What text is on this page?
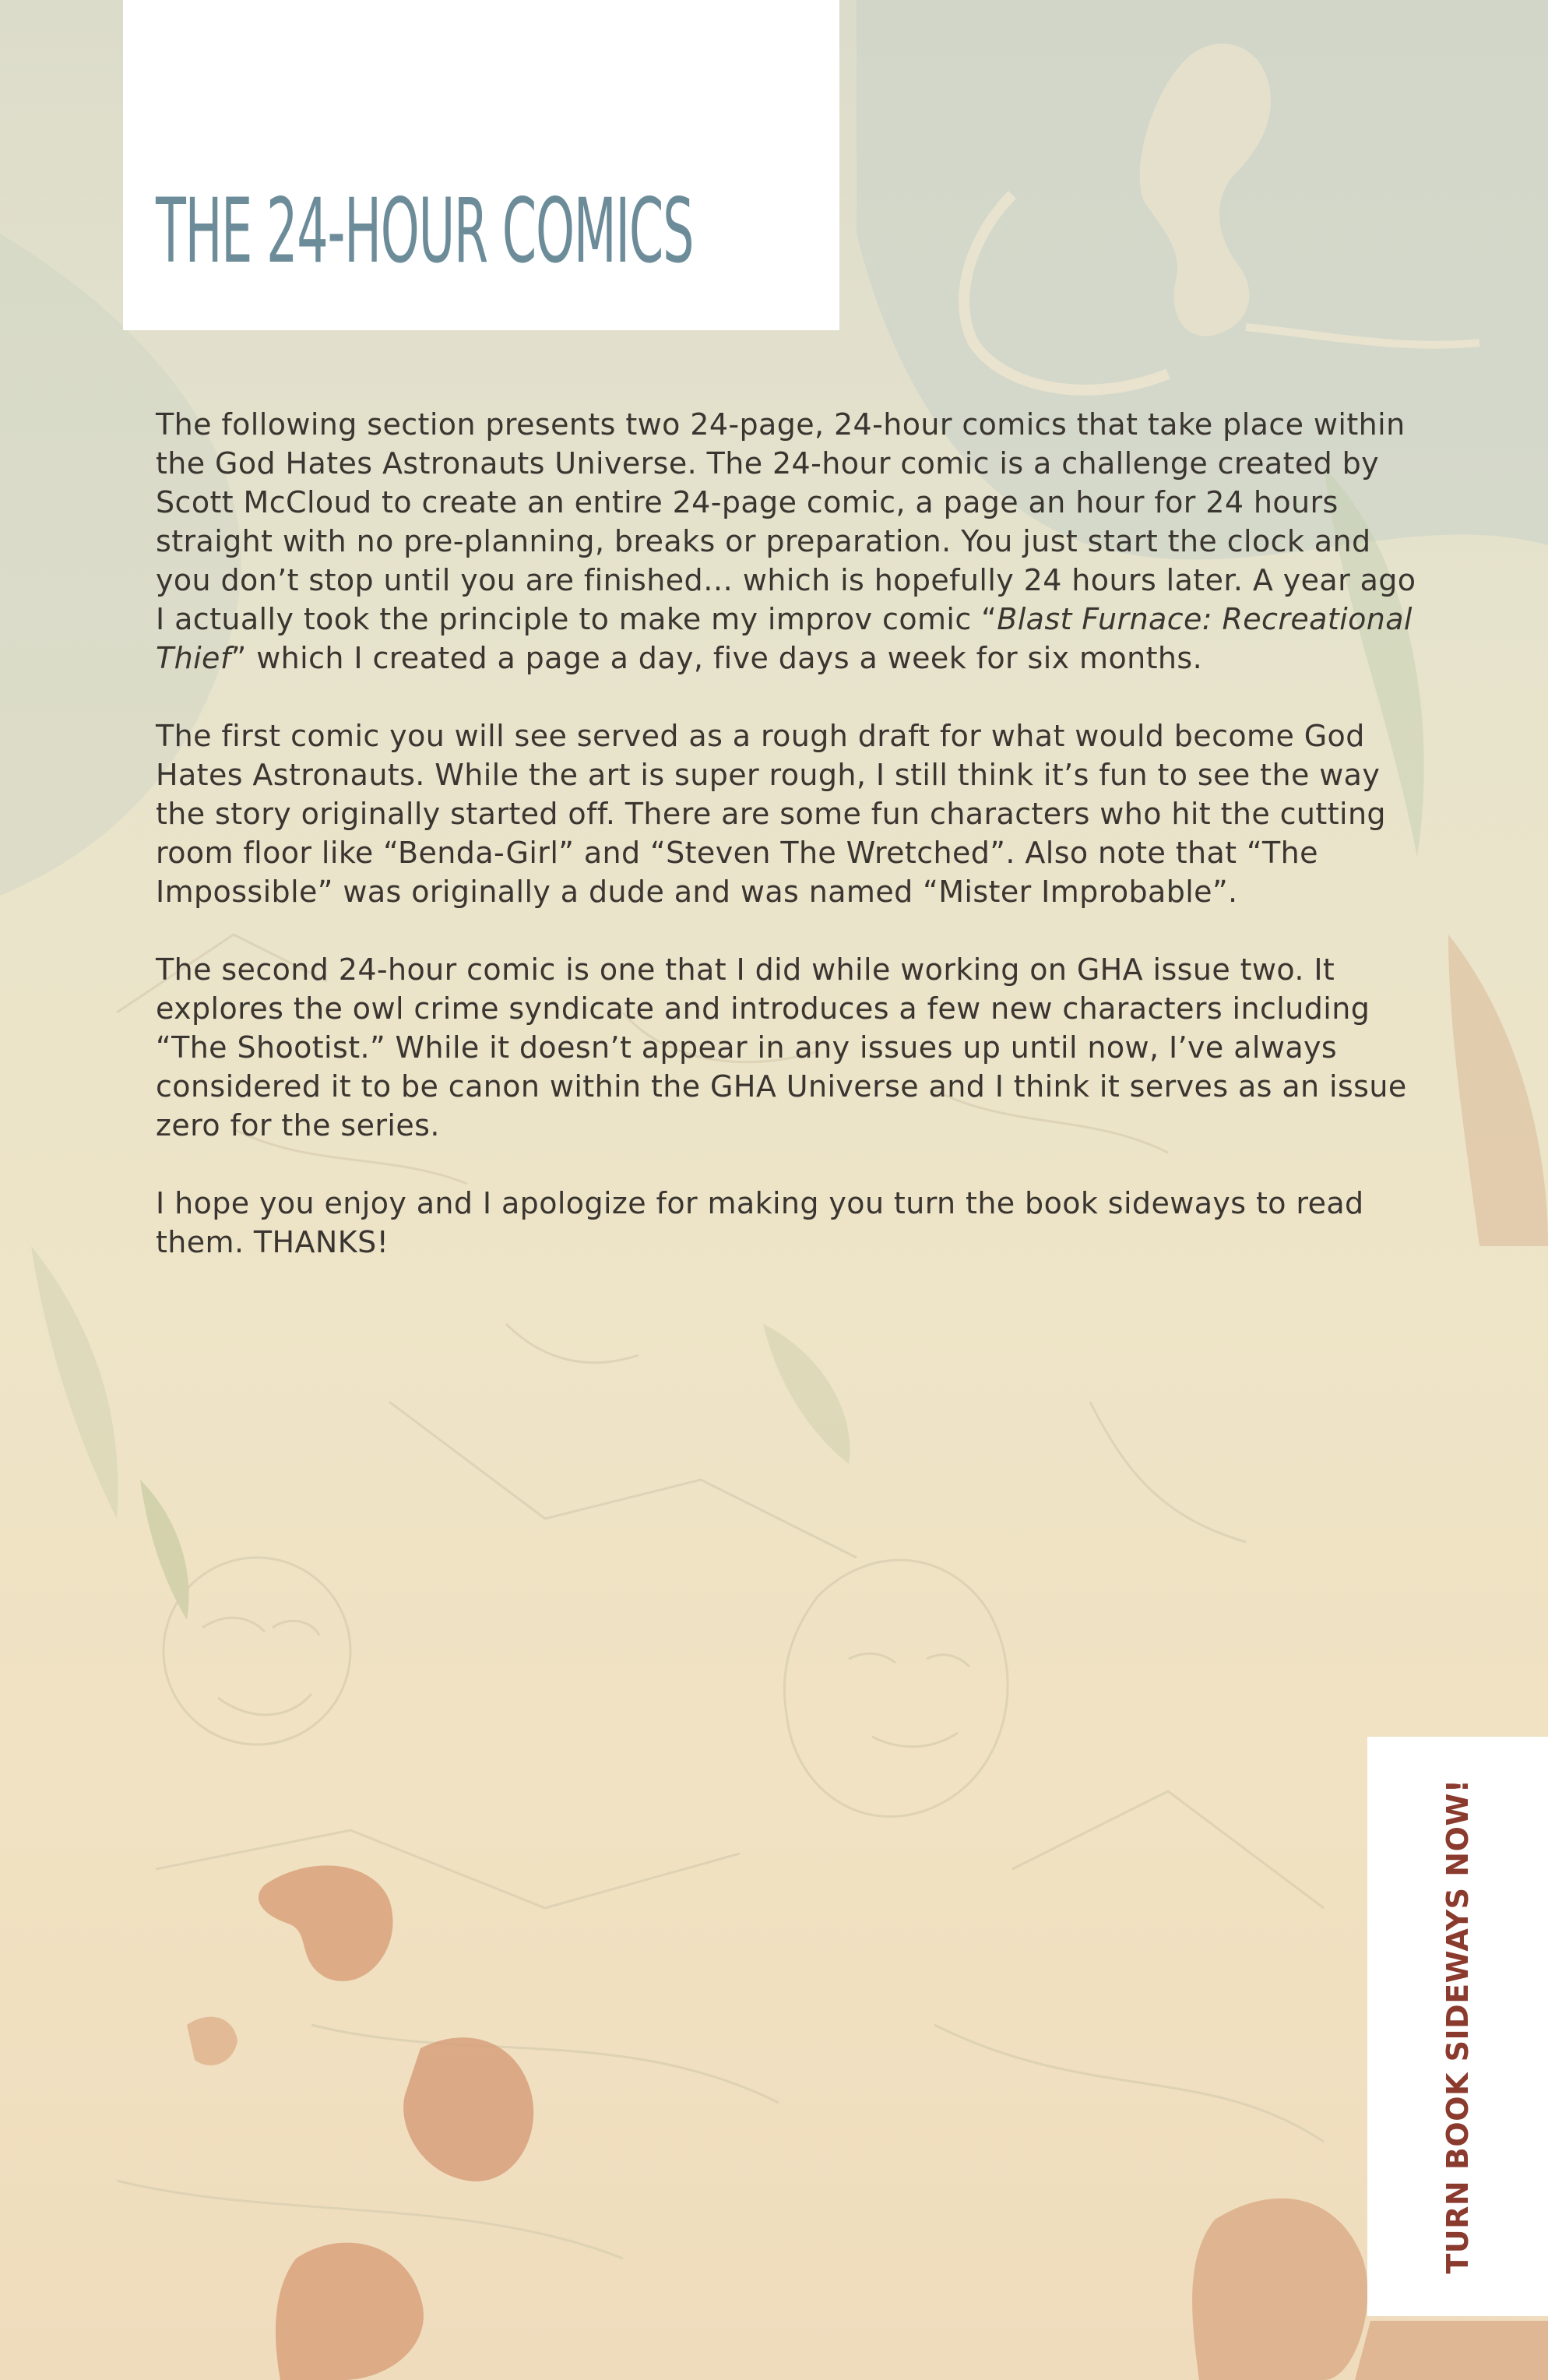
THE 24-HOUR COMICS

The following section presents two 24-page, 24-hour comics that take place within the God Hates Astronauts Universe. The 24-hour comic is a challenge created by Scott McCloud to create an entire 24-page comic, a page an hour for 24 hours straight with no pre-planning, breaks or preparation. You just start the clock and you don’t stop until you are finished… which is hopefully 24 hours later. A year ago I actually took the principle to make my improv comic “Blast Furnace: Recreational Thief” which I created a page a day, five days a week for six months.

The first comic you will see served as a rough draft for what would become God Hates Astronauts. While the art is super rough, I still think it’s fun to see the way the story originally started off. There are some fun characters who hit the cutting room floor like “Benda-Girl” and “Steven The Wretched”. Also note that “The Impossible” was originally a dude and was named “Mister Improbable”.

The second 24-hour comic is one that I did while working on GHA issue two. It explores the owl crime syndicate and introduces a few new characters including “The Shootist.” While it doesn’t appear in any issues up until now, I’ve always considered it to be canon within the GHA Universe and I think it serves as an issue zero for the series.

I hope you enjoy and I apologize for making you turn the book sideways to read them. THANKS!

TURN BOOK SIDEWAYS NOW!
